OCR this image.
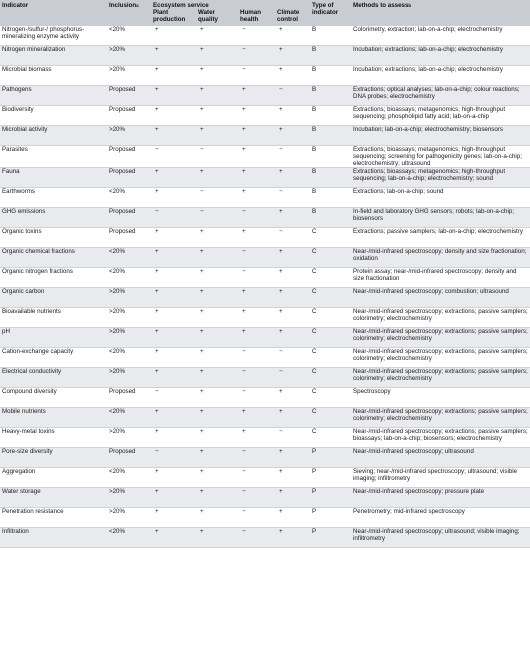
Indicator	Inclusion$^a$	Ecosystem service				Type of indicator	Methods to assess$^b$
		Plant production	Water quality	Human health	Climate control		
Nitrogen-/sulfur-/ phosphorus-mineralizing enzyme activity	<20%	+	+	−	+	B	Colorimetry, extraction; lab-on-a-chip; electrochemistry
Nitrogen mineralization	>20%	+	+	−	+	B	Incubation; extractions; lab-on-a-chip; electrochemistry
Microbial biomass	>20%	+	+	−	+	B	Incubation; extractions; lab-on-a-chip; electrochemistry
Pathogens	Proposed	+	+	+	−	B	Extractions; optical analyses; lab-on-a-chip; colour reactions; DNA probes; electrochemistry
Biodiversity	Proposed	+	+	+	+	B	Extractions; bioassays; metagenomics; high-throughput sequencing; phospholipid fatty acid; lab-on-a-chip
Microbial activity	>20%	+	+	+	+	B	Incubation; lab-on-a-chip; electrochemistry; biosensors
Parasites	Proposed	−	−	+	−	B	Extractions; bioassays; metagenomics; high-throughput sequencing; screening for pathogenicity genes; lab-on-a-chip; electrochemistry; ultrasound
Fauna	Proposed	+	+	+	+	B	Extractions; bioassays; metagenomics; high-throughput sequencing; lab-on-a-chip; electrochemistry; sound
Earthworms	<20%	+	−	+	−	B	Extractions; lab-on-a-chip; sound
GHG emissions	Proposed	−	−	−	+	B	In-field and laboratory GHG sensors; robots; lab-on-a-chip; biosensors
Organic toxins	Proposed	+	+	+	−	C	Extractions; passive samplers; lab-on-a-chip; electrochemistry
Organic chemical fractions	<20%	+	+	−	+	C	Near-/mid-infrared spectroscopy; density and size fractionation; oxidation
Organic nitrogen fractions	<20%	+	+	−	+	C	Protein assay; near-/mid-infrared spectroscopy; density and size fractionation
Organic carbon	>20%	+	+	+	+	C	Near-/mid-infrared spectroscopy; combustion; ultrasound
Bioavailable nutrients	>20%	+	+	+	+	C	Near-/mid-infrared spectroscopy; extractions; passive samplers; colorimetry; electrochemistry
pH	>20%	+	+	+	+	C	Near-/mid-infrared spectroscopy; extractions; passive samplers; colorimetry; electrochemistry
Cation-exchange capacity	<20%	+	+	−	−	C	Near-/mid-infrared spectroscopy; extractions; passive samplers; colorimetry; electrochemistry
Electrical conductivity	>20%	+	+	−	−	C	Near-/mid-infrared spectroscopy; extractions; passive samplers; colorimetry; electrochemistry
Compound diversity	Proposed	−	+	−	+	C	Spectroscopy
Mobile nutrients	<20%	+	+	+	+	C	Near-/mid-infrared spectroscopy; extractions; passive samplers; colorimetry; electrochemistry
Heavy-metal toxins	>20%	+	+	+	−	C	Near-/mid-infrared spectroscopy; extractions; passive samplers; bioassays; lab-on-a-chip; biosensors; electrochemistry
Pore-size diversity	Proposed	−	+	−	+	P	Near-/mid-infrared spectroscopy; ultrasound
Aggregation	<20%	+	+	−	+	P	Sieving; near-/mid-infrared spectroscopy; ultrasound; visible imaging; infiltrometry
Water storage	>20%	+	+	−	+	P	Near-/mid-infrared spectroscopy; pressure plate
Penetration resistance	>20%	+	+	−	+	P	Penetrometry; mid-infrared spectroscopy
Infiltration	<20%	+	+	−	+	P	Near-/mid-infrared spectroscopy; ultrasound; visible imaging; infiltrometry
